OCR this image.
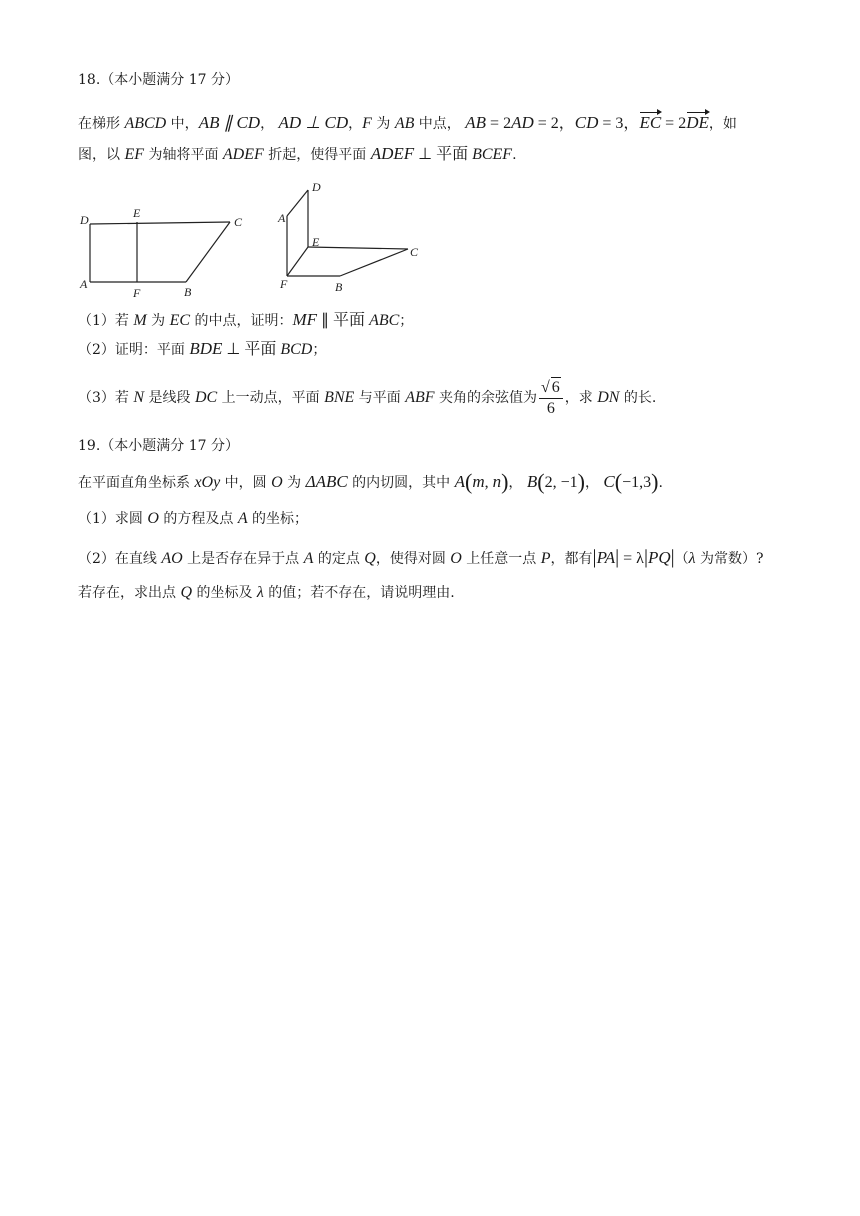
18.（本小题满分 17 分）
在梯形 ABCD 中，AB ∥ CD， AD ⊥ CD，F 为 AB 中点， AB = 2AD = 2，CD = 3，EC = 2DE，如
图，以 EF 为轴将平面 ADEF 折起，使得平面 ADEF ⊥ 平面 BCEF.
D	E
C
A
F	B
D
A
E
C
F	B
（1）若 M 为 EC 的中点，证明：MF ∥ 平面 ABC；
（2）证明：平面 BDE ⊥ 平面 BCD；
（3）若 N 是线段 DC 上一动点，平面 BNE 与平面 ABF 夹角的余弦值为 $\frac{√ 6}{6}$ ，求 DN 的长.
19.（本小题满分 17 分）
在平面直角坐标系 xOy 中，圆 O 为 ΔABC 的内切圆，其中 A(m, n)， B(2, −1)， C(−1,3).
（1）求圆 O 的方程及点 A 的坐标；
（2）在直线 AO 上是否存在异于点 A 的定点 Q，使得对圆 O 上任意一点 P，都有|PA| = λ|PQ|（λ 为常数）?
若存在，求出点 Q 的坐标及 λ 的值；若不存在，请说明理由.
